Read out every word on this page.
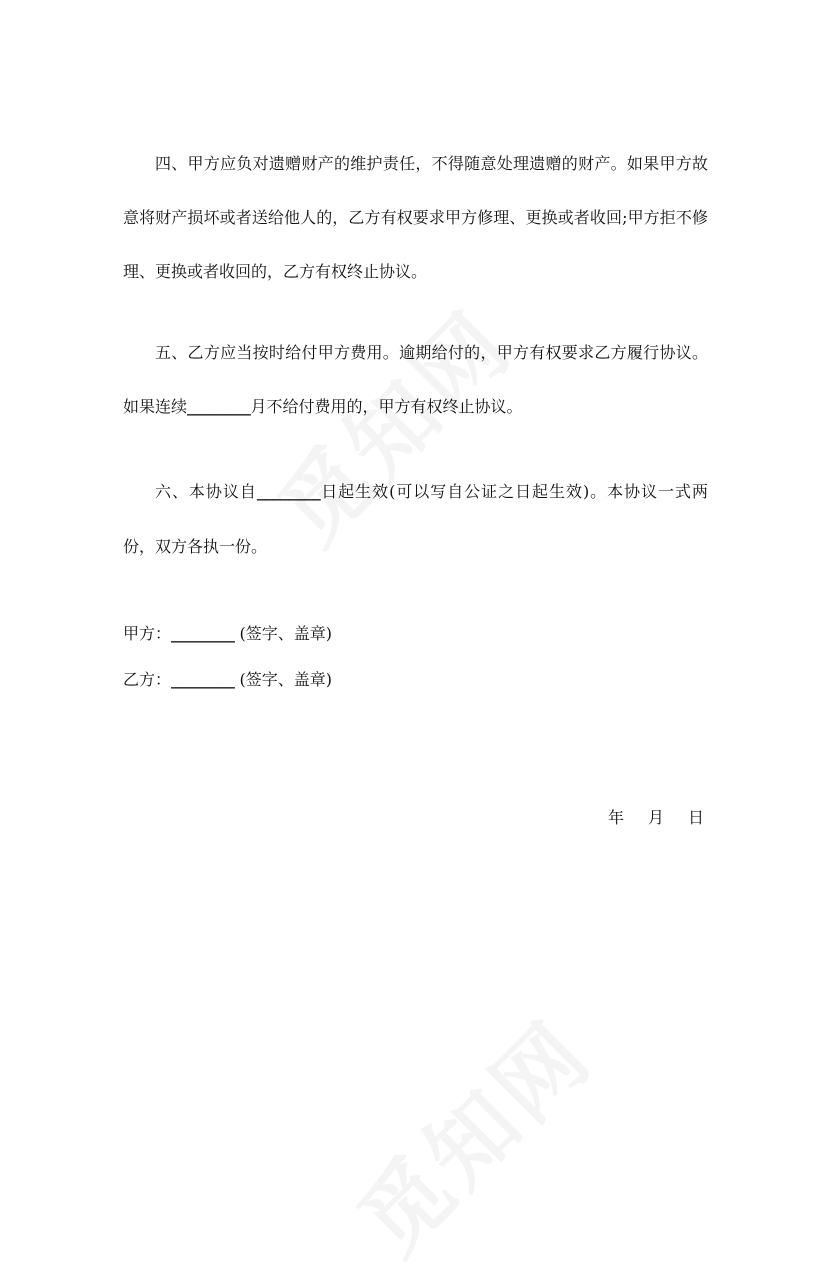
四、甲方应负对遗赠财产的维护责任，不得随意处理遗赠的财产。如果甲方故意将财产损坏或者送给他人的，乙方有权要求甲方修理、更换或者收回;甲方拒不修理、更换或者收回的，乙方有权终止协议。

五、乙方应当按时给付甲方费用。逾期给付的，甲方有权要求乙方履行协议。如果连续________月不给付费用的，甲方有权终止协议。

六、本协议自________日起生效(可以写自公证之日起生效)。本协议一式两份，双方各执一份。

甲方：________ (签字、盖章)
乙方：________ (签字、盖章)
年 月 日
